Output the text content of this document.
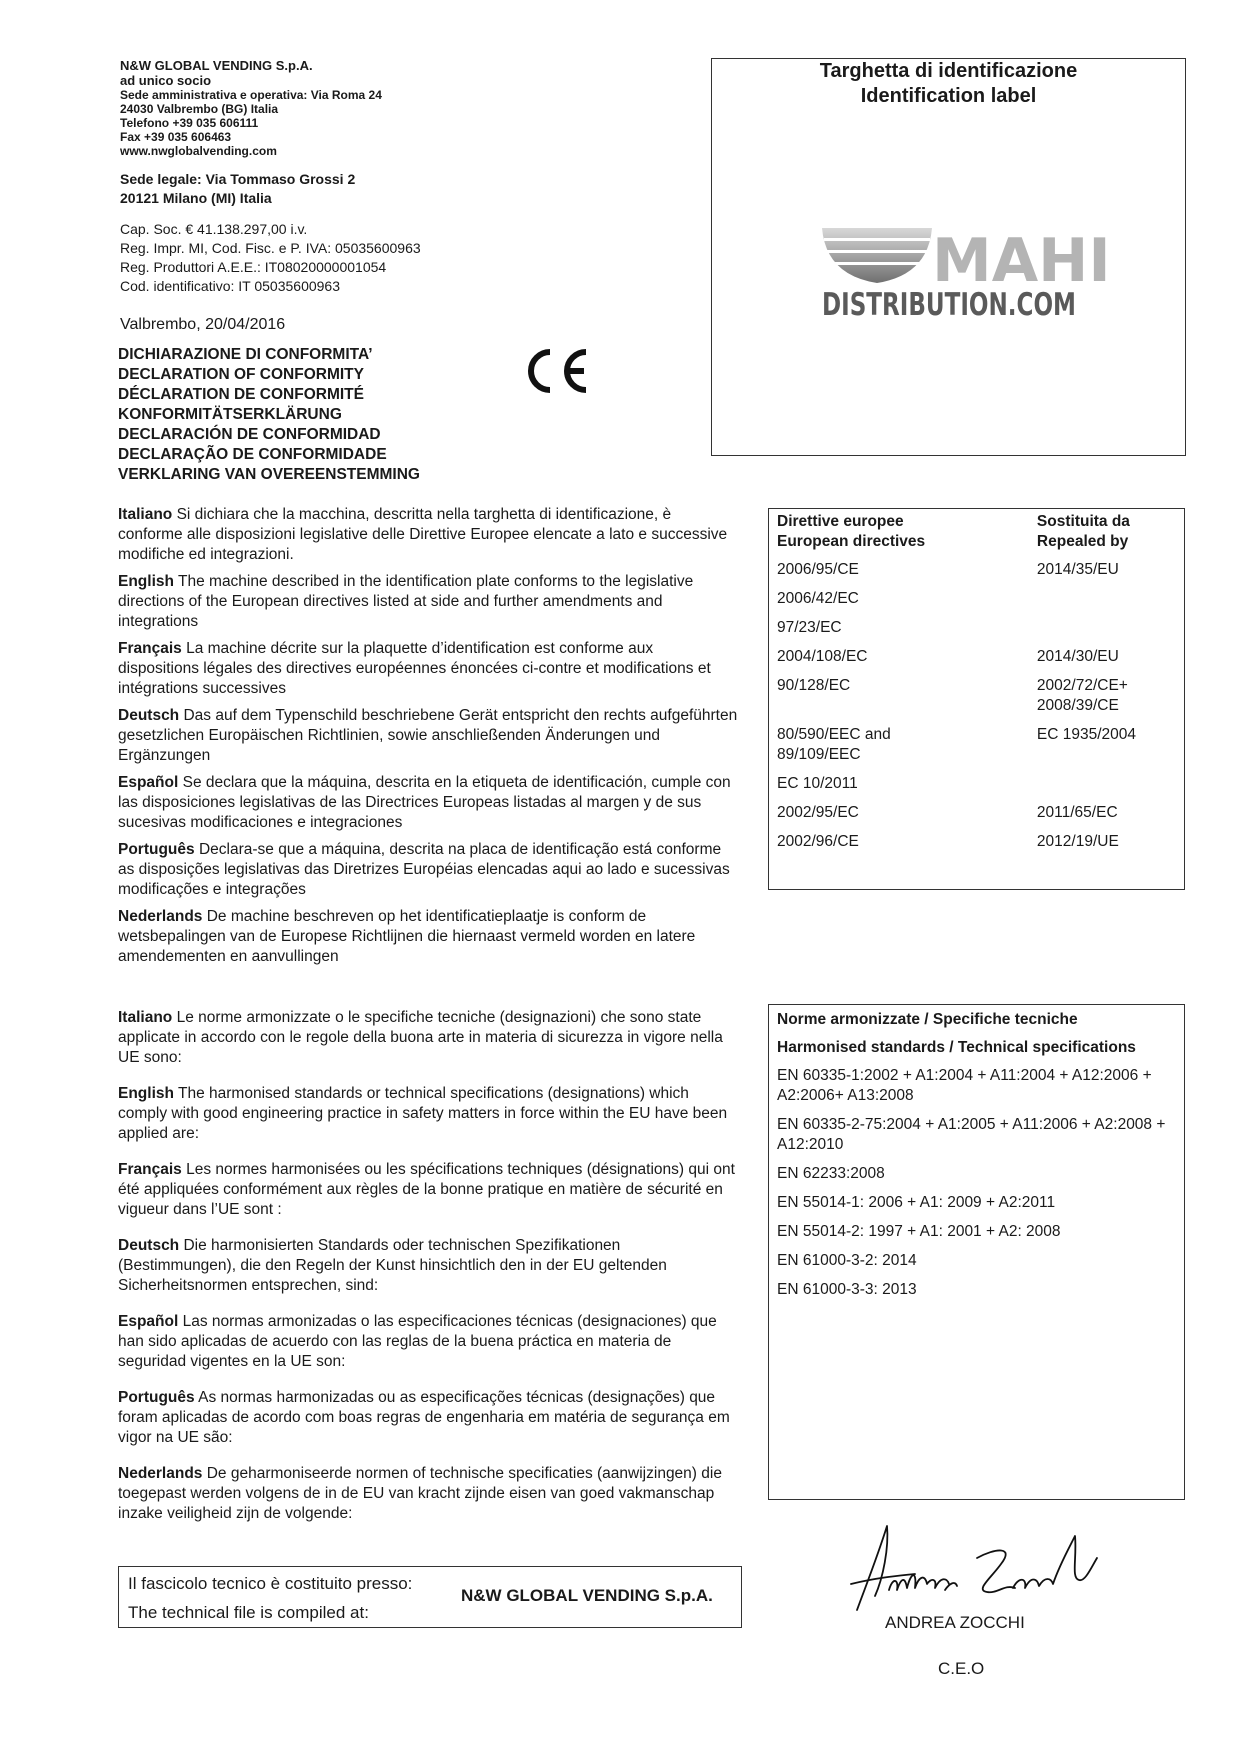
N&W GLOBAL VENDING S.p.A.
ad unico socio
Sede amministrativa e operativa: Via Roma 24
24030 Valbrembo (BG) Italia
Telefono +39 035 606111
Fax +39 035 606463
www.nwglobalvending.com
Sede legale: Via Tommaso Grossi 2
20121 Milano (MI) Italia
Cap. Soc. € 41.138.297,00 i.v.
Reg. Impr. MI, Cod. Fisc. e P. IVA: 05035600963
Reg. Produttori A.E.E.: IT08020000001054
Cod. identificativo: IT 05035600963
Valbrembo, 20/04/2016
DICHIARAZIONE DI CONFORMITA’
DECLARATION OF CONFORMITY
DÉCLARATION DE CONFORMITÉ
KONFORMITÄTSERKLÄRUNG
DECLARACIÓN DE CONFORMIDAD
DECLARAÇÃO DE CONFORMIDADE
VERKLARING VAN OVEREENSTEMMING
Targhetta di identificazione
Identification label
MAHI
DISTRIBUTION.COM
Italiano Si dichiara che la macchina, descritta nella targhetta di identificazione, è conforme alle disposizioni legislative delle Direttive Europee elencate a lato e successive modifiche ed integrazioni.
English The machine described in the identification plate conforms to the legislative directions of the European directives listed at side and further amendments and integrations
Français La machine décrite sur la plaquette d’identification est conforme aux dispositions légales des directives européennes énoncées ci-contre et modifications et intégrations successives
Deutsch Das auf dem Typenschild beschriebene Gerät entspricht den rechts aufgeführten gesetzlichen Europäischen Richtlinien, sowie anschließenden Änderungen und Ergänzungen
Español Se declara que la máquina, descrita en la etiqueta de identificación, cumple con las disposiciones legislativas de las Directrices Europeas listadas al margen y de sus sucesivas modificaciones e integraciones
Português Declara-se que a máquina, descrita na placa de identificação está conforme as disposições legislativas das Diretrizes Européias elencadas aqui ao lado e sucessivas modificações e integrações
Nederlands De machine beschreven op het identificatieplaatje is conform de wetsbepalingen van de Europese Richtlijnen die hiernaast vermeld worden en latere amendementen en aanvullingen
Direttive europee
European directives	Sostituita da
Repealed by
2006/95/CE	2014/35/EU
2006/42/EC	
97/23/EC	
2004/108/EC	2014/30/EU
90/128/EC	2002/72/CE+ 2008/39/CE
80/590/EEC and 89/109/EEC	EC 1935/2004
EC 10/2011	
2002/95/EC	2011/65/EC
2002/96/CE	2012/19/UE
Italiano Le norme armonizzate o le specifiche tecniche (designazioni) che sono state applicate in accordo con le regole della buona arte in materia di sicurezza in vigore nella UE sono:
English The harmonised standards or technical specifications (designations) which comply with good engineering practice in safety matters in force within the EU have been applied are:
Français Les normes harmonisées ou les spécifications techniques (désignations) qui ont été appliquées conformément aux règles de la bonne pratique en matière de sécurité en vigueur dans l’UE sont :
Deutsch Die harmonisierten Standards oder technischen Spezifikationen (Bestimmungen), die den Regeln der Kunst hinsichtlich den in der EU geltenden Sicherheitsnormen entsprechen, sind:
Español Las normas armonizadas o las especificaciones técnicas (designaciones) que han sido aplicadas de acuerdo con las reglas de la buena práctica en materia de seguridad vigentes en la UE son:
Português As normas harmonizadas ou as especificações técnicas (designações) que foram aplicadas de acordo com boas regras de engenharia em matéria de segurança em vigor na UE são:
Nederlands De geharmoniseerde normen of technische specificaties (aanwijzingen) die toegepast werden volgens de in de EU van kracht zijnde eisen van goed vakmanschap inzake veiligheid zijn de volgende:
Norme armonizzate / Specifiche tecniche
Harmonised standards / Technical specifications
EN 60335-1:2002 + A1:2004 + A11:2004 + A12:2006 + A2:2006+ A13:2008
EN 60335-2-75:2004 + A1:2005 + A11:2006 + A2:2008 + A12:2010
EN 62233:2008
EN 55014-1: 2006 + A1: 2009 + A2:2011
EN 55014-2: 1997 + A1: 2001 + A2: 2008
EN 61000-3-2: 2014
EN 61000-3-3: 2013
Il fascicolo tecnico è costituito presso:
The technical file is compiled at:
N&W GLOBAL VENDING S.p.A.
ANDREA ZOCCHI
C.E.O
